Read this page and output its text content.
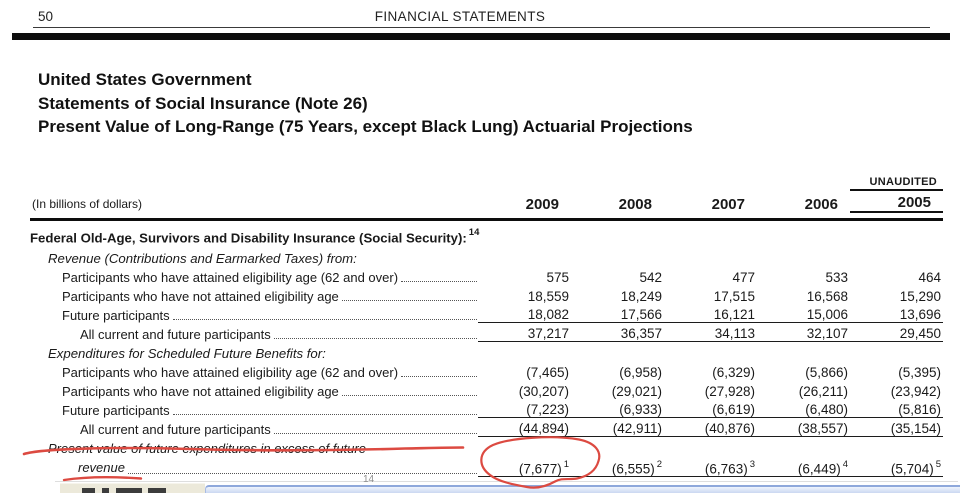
50	FINANCIAL STATEMENTS
United States Government
Statements of Social Insurance (Note 26)
Present Value of Long-Range (75 Years, except Black Lung) Actuarial Projections
UNAUDITED
(In billions of dollars)	2009	2008	2007	2006	2005
Federal Old-Age, Survivors and Disability Insurance (Social Security): $^{14}$
Revenue (Contributions and Earmarked Taxes) from:
Participants who have attained eligibility age (62 and over)	575	542	477	533	464
Participants who have not attained eligibility age	18,559	18,249	17,515	16,568	15,290
Future participants	18,082	17,566	16,121	15,006	13,696
All current and future participants	37,217	36,357	34,113	32,107	29,450
Expenditures for Scheduled Future Benefits for:
Participants who have attained eligibility age (62 and over)	(7,465)	(6,958)	(6,329)	(5,866)	(5,395)
Participants who have not attained eligibility age	(30,207)	(29,021)	(27,928)	(26,211)	(23,942)
Future participants	(7,223)	(6,933)	(6,619)	(6,480)	(5,816)
All current and future participants	(44,894)	(42,911)	(40,876)	(38,557)	(35,154)
Present value of future expenditures in excess of future
revenue	(7,677) $^1$	(6,555) $^2$	(6,763) $^3$	(6,449) $^4$	(5,704) $^5$
14
